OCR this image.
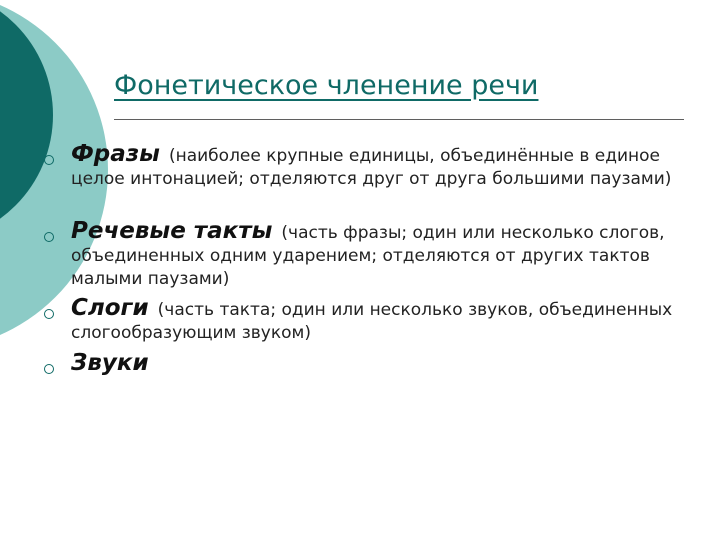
Фонетическое членение речи
Фразы (наиболее крупные единицы, объединённые в единое целое интонацией; отделяются друг от друга большими паузами)
Речевые такты (часть фразы; один или несколько слогов, объединенных одним ударением; отделяются от других тактов малыми паузами)
Слоги (часть такта; один или несколько звуков, объединенных слогообразующим звуком)
Звуки
